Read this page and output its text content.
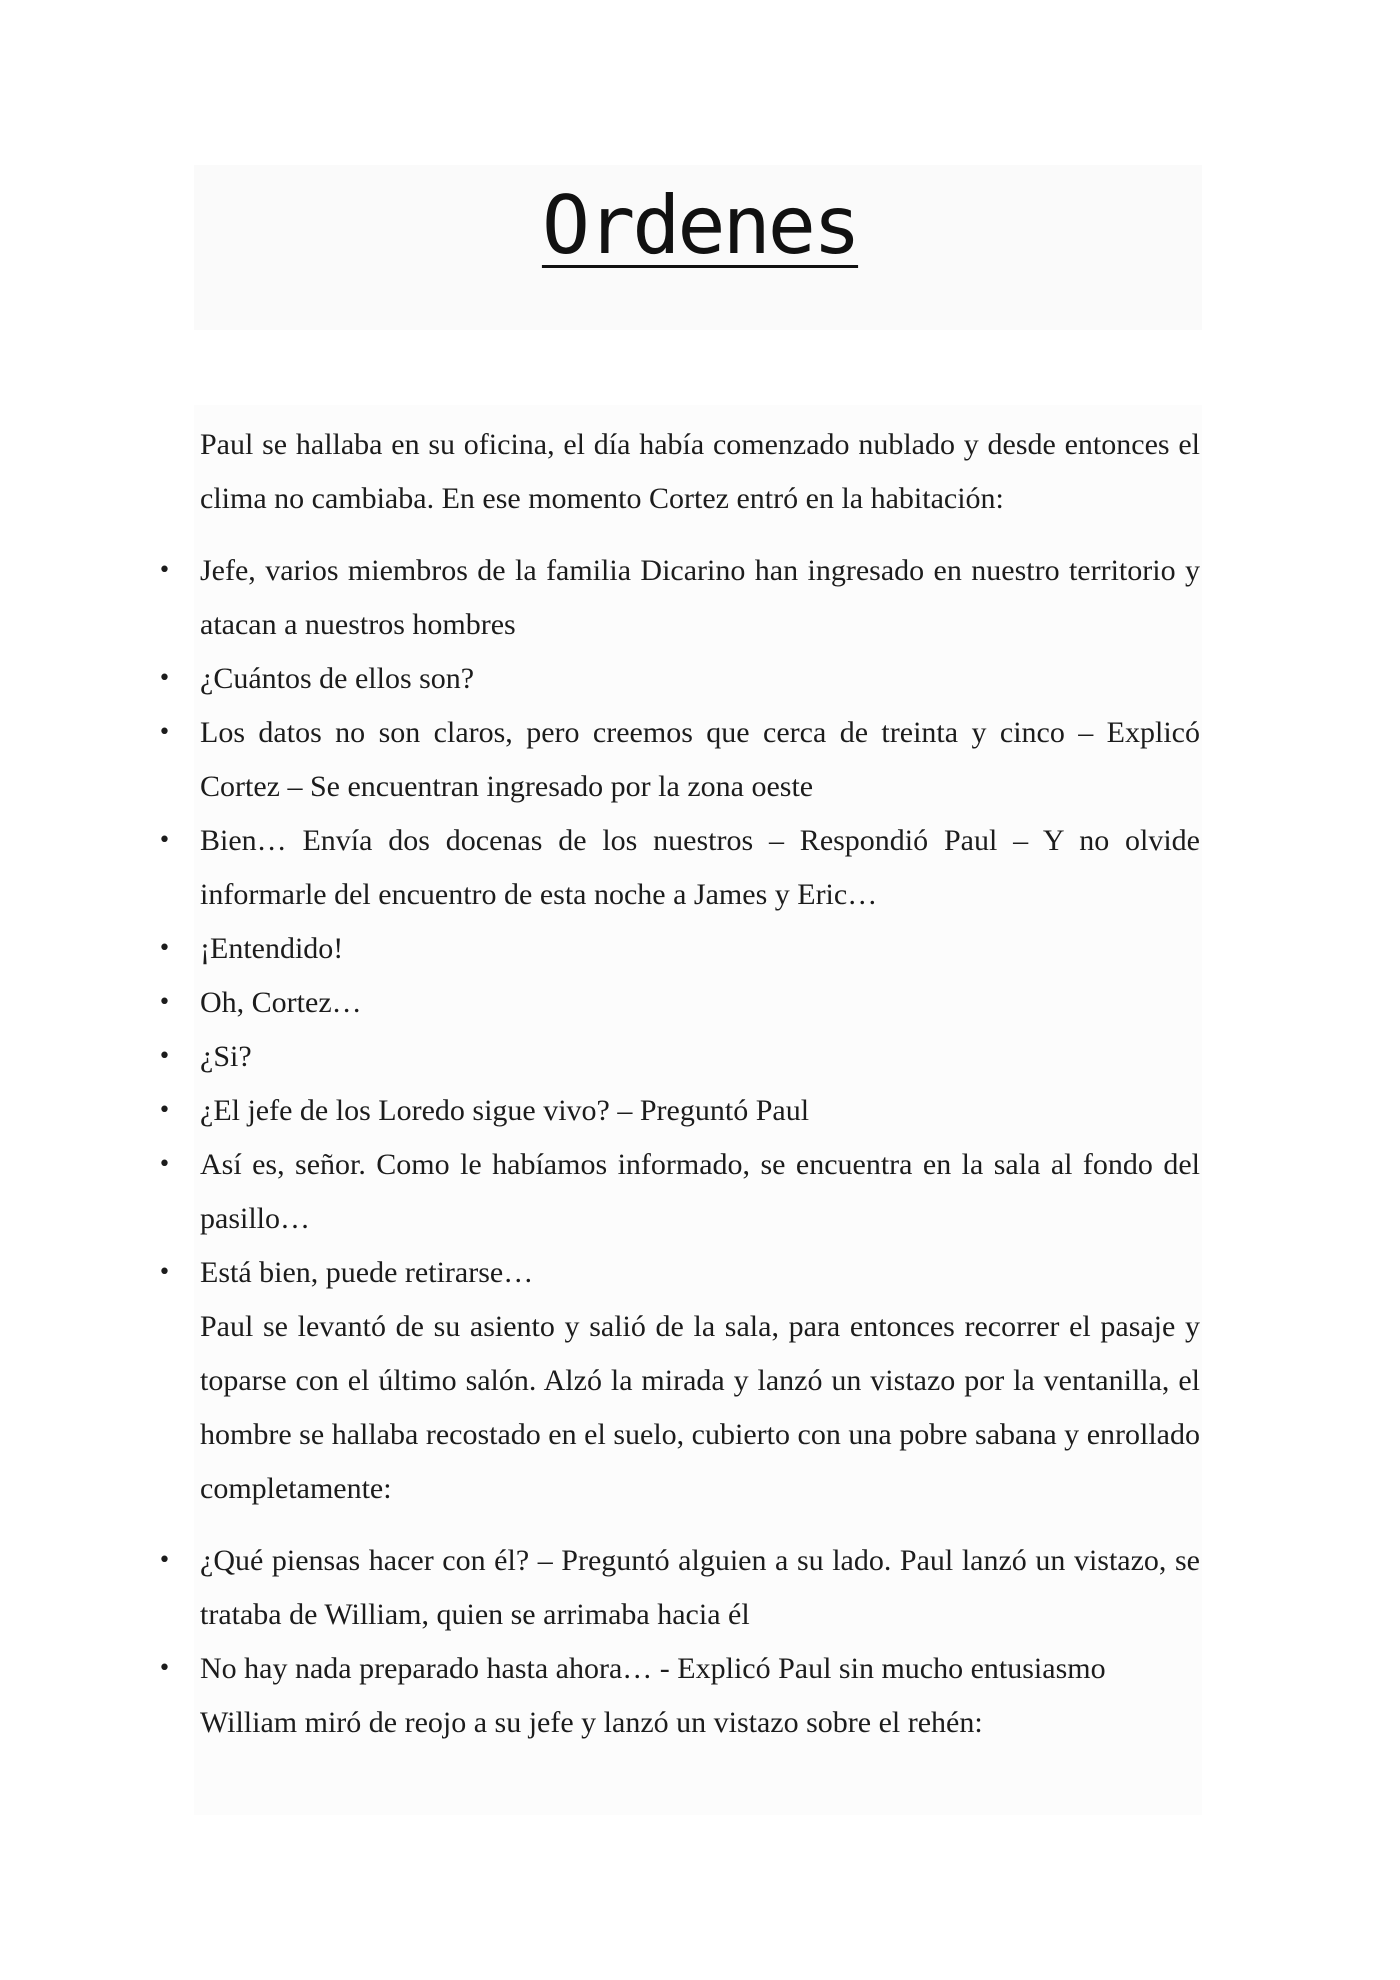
Ordenes

Paul se hallaba en su oficina, el día había comenzado nublado y desde entonces el clima no cambiaba. En ese momento Cortez entró en la habitación:

• Jefe, varios miembros de la familia Dicarino han ingresado en nuestro territorio y atacan a nuestros hombres
• ¿Cuántos de ellos son?
• Los datos no son claros, pero creemos que cerca de treinta y cinco – Explicó Cortez – Se encuentran ingresado por la zona oeste
• Bien… Envía dos docenas de los nuestros – Respondió Paul – Y no olvide informarle del encuentro de esta noche a James y Eric…
• ¡Entendido!
• Oh, Cortez…
• ¿Si?
• ¿El jefe de los Loredo sigue vivo? – Preguntó Paul
• Así es, señor. Como le habíamos informado, se encuentra en la sala al fondo del pasillo…
• Está bien, puede retirarse…

Paul se levantó de su asiento y salió de la sala, para entonces recorrer el pasaje y toparse con el último salón. Alzó la mirada y lanzó un vistazo por la ventanilla, el hombre se hallaba recostado en el suelo, cubierto con una pobre sabana y enrollado completamente:

• ¿Qué piensas hacer con él? – Preguntó alguien a su lado. Paul lanzó un vistazo, se trataba de William, quien se arrimaba hacia él
• No hay nada preparado hasta ahora… - Explicó Paul sin mucho entusiasmo

William miró de reojo a su jefe y lanzó un vistazo sobre el rehén:
